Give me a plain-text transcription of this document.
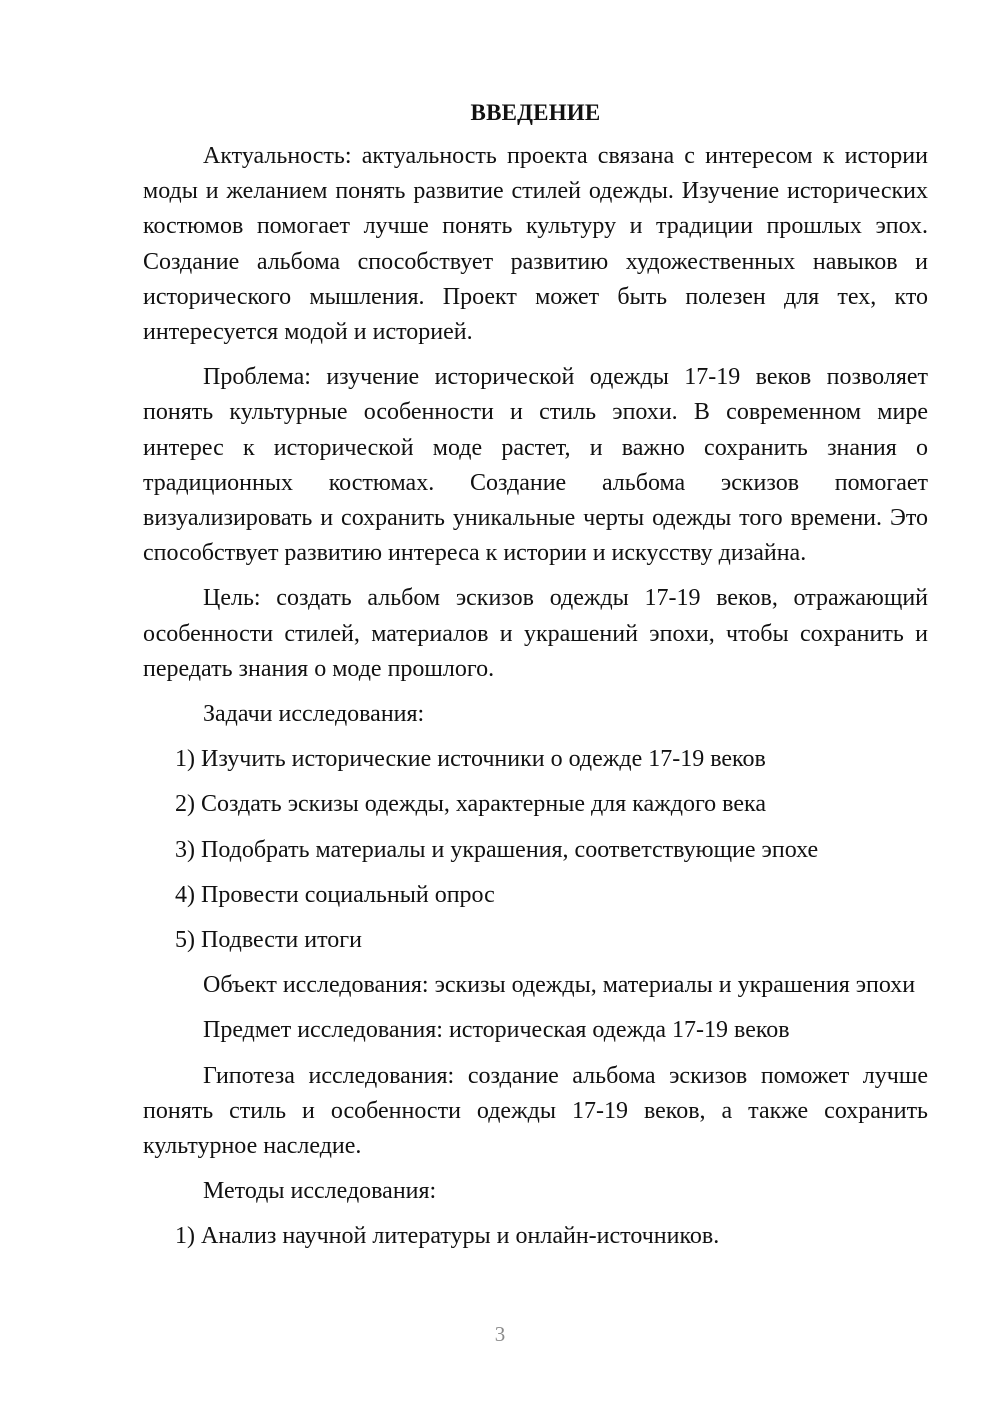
ВВЕДЕНИЕ

Актуальность: актуальность проекта связана с интересом к истории моды и желанием понять развитие стилей одежды. Изучение исторических костюмов помогает лучше понять культуру и традиции прошлых эпох. Создание альбома способствует развитию художественных навыков и исторического мышления. Проект может быть полезен для тех, кто интересуется модой и историей.

Проблема: изучение исторической одежды 17-19 веков позволяет понять культурные особенности и стиль эпохи. В современном мире интерес к исторической моде растет, и важно сохранить знания о традиционных костюмах. Создание альбома эскизов помогает визуализировать и сохранить уникальные черты одежды того времени. Это способствует развитию интереса к истории и искусству дизайна.

Цель: создать альбом эскизов одежды 17-19 веков, отражающий особенности стилей, материалов и украшений эпохи, чтобы сохранить и передать знания о моде прошлого.

Задачи исследования:

1) Изучить исторические источники о одежде 17-19 веков
2) Создать эскизы одежды, характерные для каждого века
3) Подобрать материалы и украшения, соответствующие эпохе
4) Провести социальный опрос
5) Подвести итоги

Объект исследования: эскизы одежды, материалы и украшения эпохи

Предмет исследования: историческая одежда 17-19 веков

Гипотеза исследования: создание альбома эскизов поможет лучше понять стиль и особенности одежды 17-19 веков, а также сохранить культурное наследие.

Методы исследования:

1) Анализ научной литературы и онлайн-источников.
3
